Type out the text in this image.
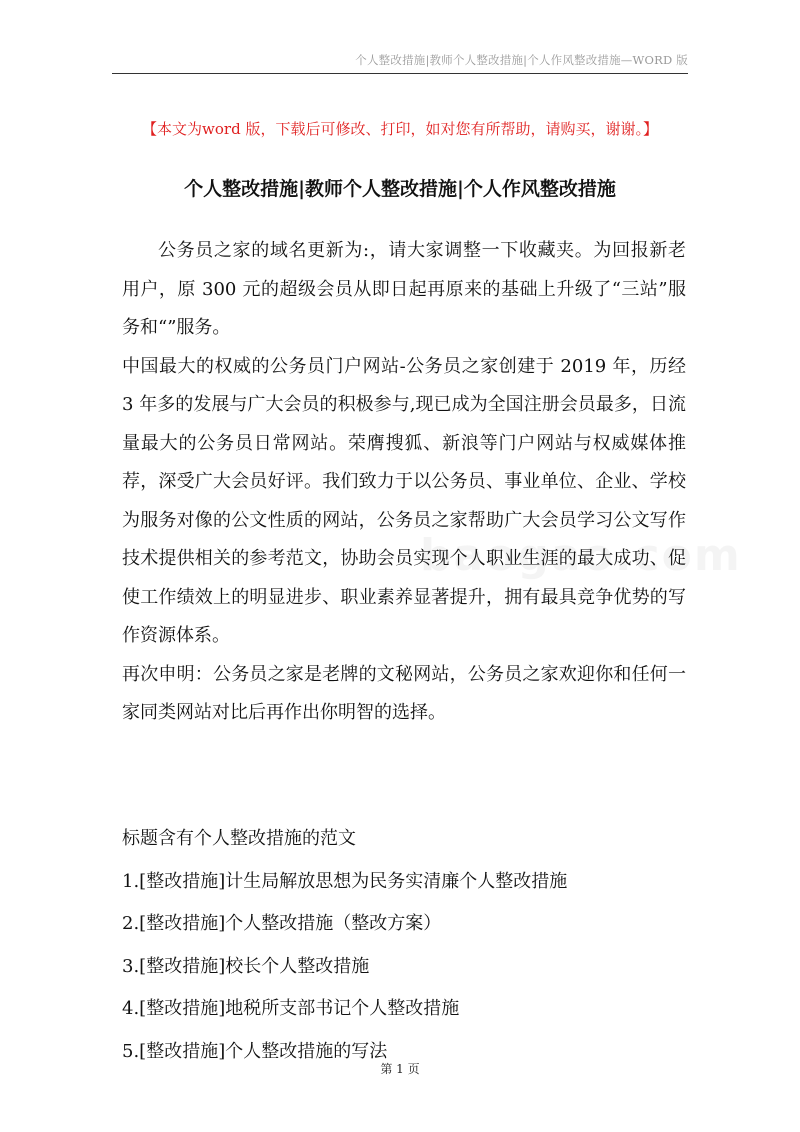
个人整改措施|教师个人整改措施|个人作风整改措施—WORD 版
【本文为word 版，下载后可修改、打印，如对您有所帮助，请购买，谢谢。】
个人整改措施|教师个人整改措施|个人作风整改措施

公务员之家的域名更新为:，请大家调整一下收藏夹。为回报新老用户，原 300 元的超级会员从即日起再原来的基础上升级了“三站”服务和“”服务。

中国最大的权威的公务员门户网站-公务员之家创建于 2019 年，历经 3 年多的发展与广大会员的积极参与,现已成为全国注册会员最多，日流量最大的公务员日常网站。荣膺搜狐、新浪等门户网站与权威媒体推荐，深受广大会员好评。我们致力于以公务员、事业单位、企业、学校为服务对像的公文性质的网站，公务员之家帮助广大会员学习公文写作技术提供相关的参考范文，协助会员实现个人职业生涯的最大成功、促使工作绩效上的明显进步、职业素养显著提升，拥有最具竞争优势的写作资源体系。

再次申明：公务员之家是老牌的文秘网站，公务员之家欢迎你和任何一家同类网站对比后再作出你明智的选择。

标题含有个人整改措施的范文
1.[整改措施]计生局解放思想为民务实清廉个人整改措施
2.[整改措施]个人整改措施（整改方案）
3.[整改措施]校长个人整改措施
4.[整改措施]地税所支部书记个人整改措施
5.[整改措施]个人整改措施的写法
第 1 页
